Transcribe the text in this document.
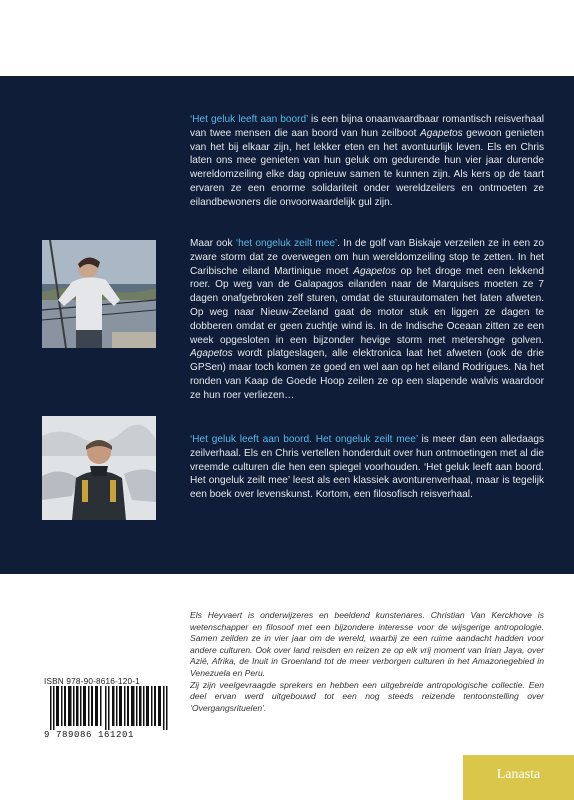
‘Het geluk leeft aan boord’ is een bijna onaanvaardbaar romantisch reisverhaal van twee mensen die aan boord van hun zeilboot Agapetos gewoon genieten van het bij elkaar zijn, het lekker eten en het avontuurlijk leven. Els en Chris laten ons mee genieten van hun geluk om gedurende hun vier jaar durende wereldomzeiling elke dag opnieuw samen te kunnen zijn. Als kers op de taart ervaren ze een enorme solidariteit onder wereldzeilers en ontmoeten ze eilandbewoners die onvoorwaardelijk gul zijn.

Maar ook ‘het ongeluk zeilt mee’. In de golf van Biskaje verzeilen ze in een zo zware storm dat ze overwegen om hun wereldomzeiling stop te zetten. In het Caribische eiland Martinique moet Agapetos op het droge met een lekkend roer. Op weg van de Galapagos eilanden naar de Marquises moeten ze 7 dagen onafgebroken zelf sturen, omdat de stuurautomaten het laten afweten. Op weg naar Nieuw-Zeeland gaat de motor stuk en liggen ze dagen te dobberen omdat er geen zuchtje wind is. In de Indische Oceaan zitten ze een week opgesloten in een bijzonder hevige storm met metershoge golven. Agapetos wordt platgeslagen, alle elektronica laat het afweten (ook de drie GPSen) maar toch komen ze goed en wel aan op het eiland Rodrigues. Na het ronden van Kaap de Goede Hoop zeilen ze op een slapende walvis waardoor ze hun roer verliezen…

‘Het geluk leeft aan boord. Het ongeluk zeilt mee’ is meer dan een alledaags zeilverhaal. Els en Chris vertellen honderduit over hun ontmoetingen met al die vreemde culturen die hen een spiegel voorhouden. ‘Het geluk leeft aan boord. Het ongeluk zeilt mee’ leest als een klassiek avonturenverhaal, maar is tegelijk een boek over levenskunst. Kortom, een filosofisch reisverhaal.

Els Heyvaert is onderwijzeres en beeldend kunstenares. Christian Van Kerckhove is wetenschapper en filosoof met een bijzondere interesse voor de wijsgerige antropologie. Samen zeilden ze in vier jaar om de wereld, waarbij ze een ruime aandacht hadden voor andere culturen. Ook over land reisden en reizen ze op elk vrij moment van Irian Jaya, over Azië, Afrika, de Inuit in Groenland tot de meer verborgen culturen in het Amazonegebied in Venezuela en Peru.
Zij zijn veelgevraagde sprekers en hebben een uitgebreide antropologische collectie. Een deel ervan werd uitgebouwd tot een nog steeds reizende tentoonstelling over ‘Overgangsrituelen’.
ISBN 978-90-8616-120-1
9 789086 161201
Lanasta
